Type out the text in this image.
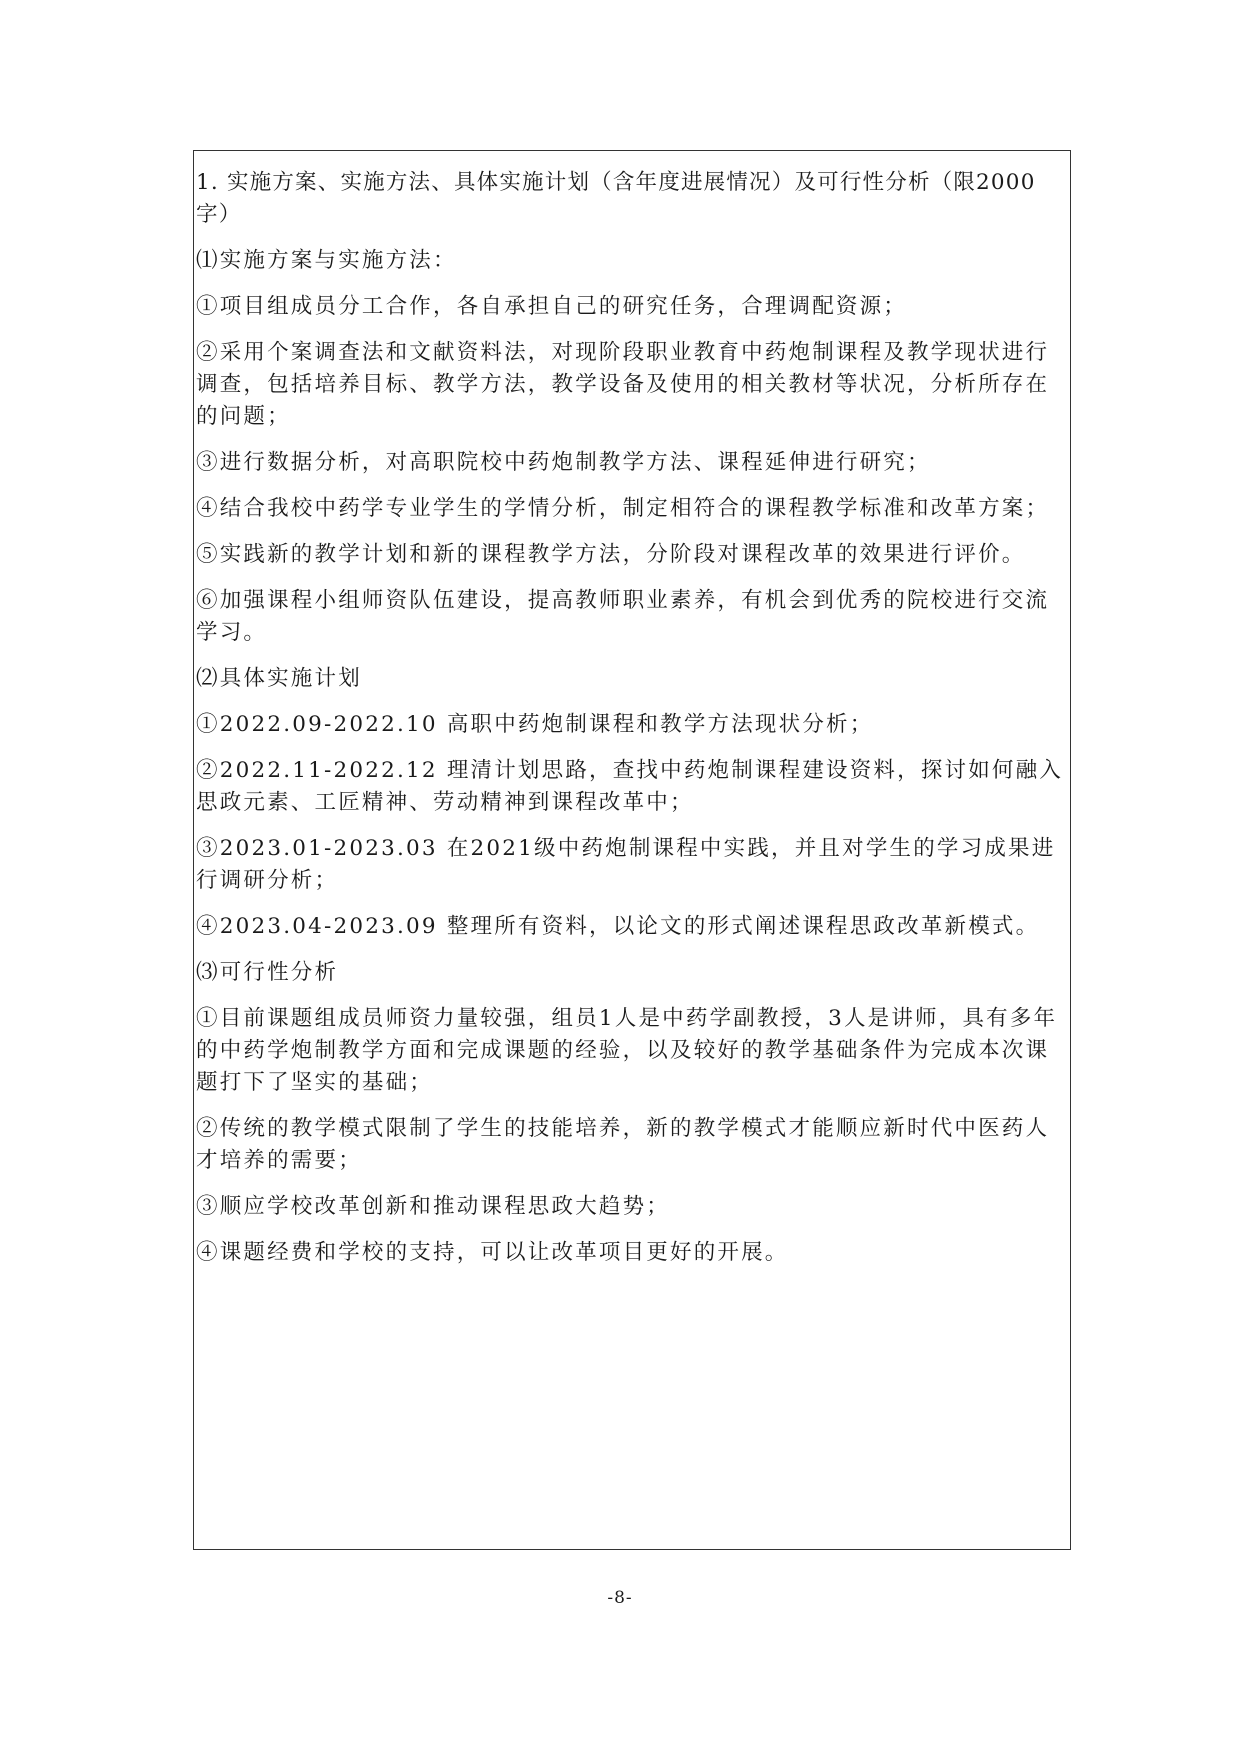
1. 实施方案、实施方法、具体实施计划（含年度进展情况）及可行性分析（限2000字）

⑴实施方案与实施方法：

①项目组成员分工合作，各自承担自己的研究任务，合理调配资源；

②采用个案调查法和文献资料法，对现阶段职业教育中药炮制课程及教学现状进行调查，包括培养目标、教学方法，教学设备及使用的相关教材等状况，分析所存在的问题；

③进行数据分析，对高职院校中药炮制教学方法、课程延伸进行研究；

④结合我校中药学专业学生的学情分析，制定相符合的课程教学标准和改革方案；

⑤实践新的教学计划和新的课程教学方法，分阶段对课程改革的效果进行评价。

⑥加强课程小组师资队伍建设，提高教师职业素养，有机会到优秀的院校进行交流学习。

⑵具体实施计划

①2022.09-2022.10 高职中药炮制课程和教学方法现状分析；

②2022.11-2022.12 理清计划思路，查找中药炮制课程建设资料，探讨如何融入思政元素、工匠精神、劳动精神到课程改革中；

③2023.01-2023.03 在2021级中药炮制课程中实践，并且对学生的学习成果进行调研分析；

④2023.04-2023.09 整理所有资料，以论文的形式阐述课程思政改革新模式。

⑶可行性分析

①目前课题组成员师资力量较强，组员1人是中药学副教授，3人是讲师，具有多年的中药学炮制教学方面和完成课题的经验，以及较好的教学基础条件为完成本次课题打下了坚实的基础；

②传统的教学模式限制了学生的技能培养，新的教学模式才能顺应新时代中医药人才培养的需要；

③顺应学校改革创新和推动课程思政大趋势；

④课题经费和学校的支持，可以让改革项目更好的开展。

-8-
